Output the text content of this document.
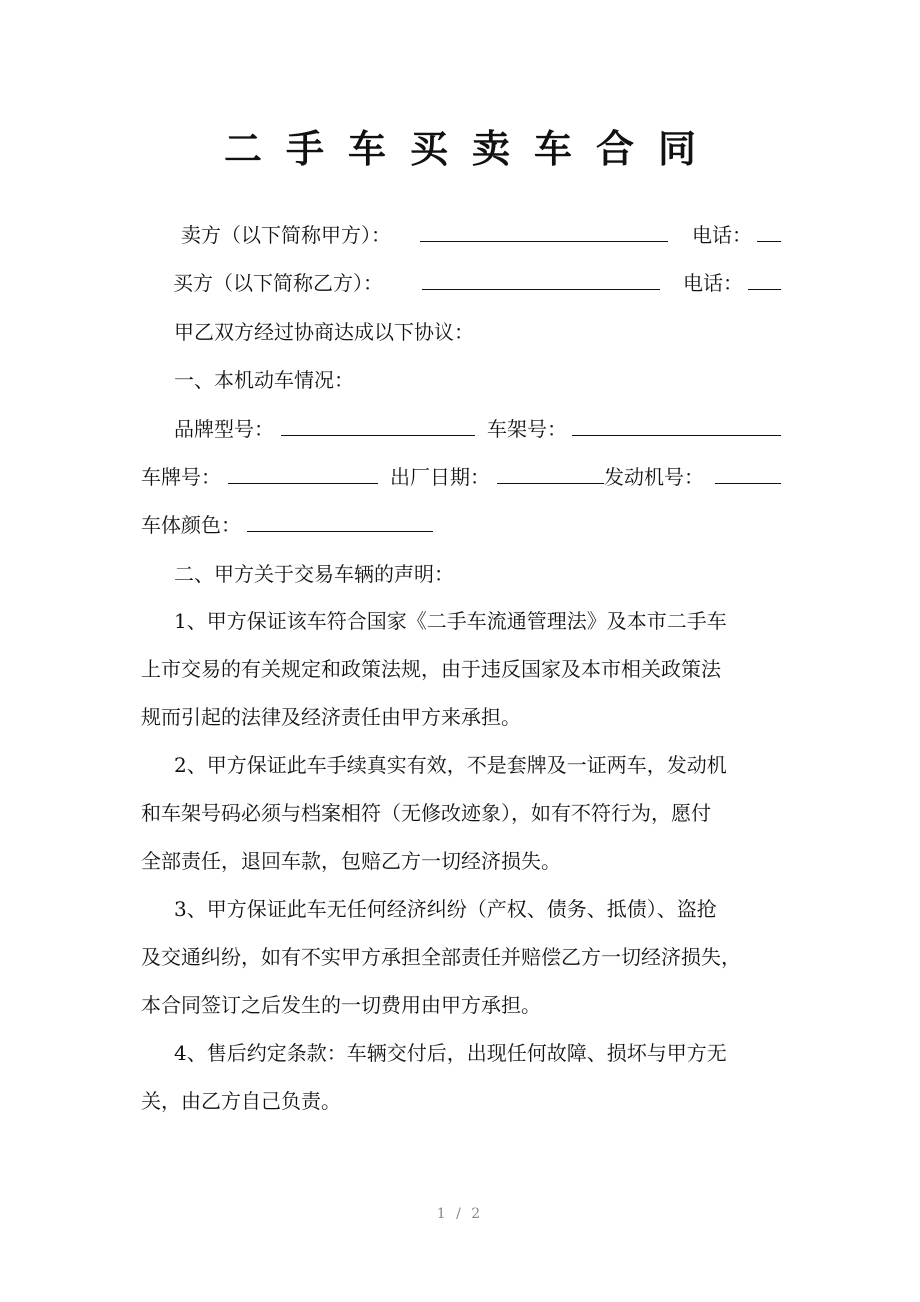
二手车买卖车合同
卖方（以下简称甲方）：	电话：
买方（以下简称乙方）：	电话：
甲乙双方经过协商达成以下协议：
一、本机动车情况：
品牌型号：	车架号：
车牌号：	出厂日期：	发动机号：
车体颜色：
二、甲方关于交易车辆的声明：
1、甲方保证该车符合国家《二手车流通管理法》及本市二手车
上市交易的有关规定和政策法规，由于违反国家及本市相关政策法
规而引起的法律及经济责任由甲方来承担。
2、甲方保证此车手续真实有效，不是套牌及一证两车，发动机
和车架号码必须与档案相符（无修改迹象），如有不符行为，愿付
全部责任，退回车款，包赔乙方一切经济损失。
3、甲方保证此车无任何经济纠纷（产权、债务、抵债）、盗抢
及交通纠纷，如有不实甲方承担全部责任并赔偿乙方一切经济损失，
本合同签订之后发生的一切费用由甲方承担。
4、售后约定条款：车辆交付后，出现任何故障、损坏与甲方无
关，由乙方自己负责。
1 / 2
